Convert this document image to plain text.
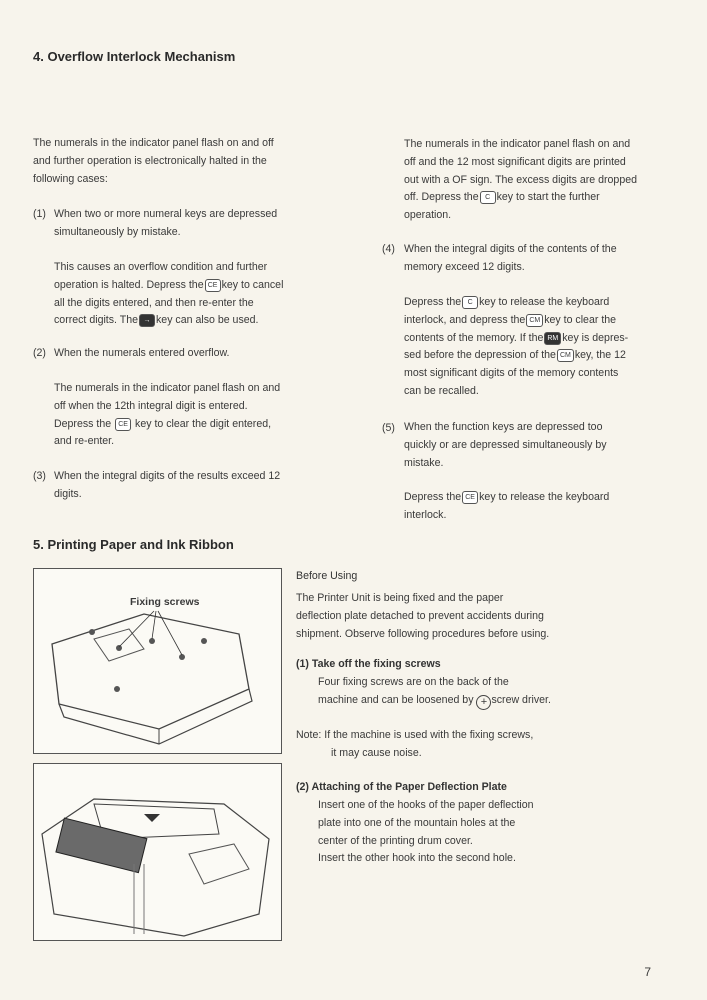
4. Overflow Interlock Mechanism
The numerals in the indicator panel flash on and off
and further operation is electronically halted in the
following cases:
(1) When two or more numeral keys are depressed
simultaneously by mistake.
This causes an overflow condition and further
operation is halted. Depress the CE key to cancel
all the digits entered, and then re-enter the
correct digits. The → key can also be used.
(2) When the numerals entered overflow.
The numerals in the indicator panel flash on and
off when the 12th integral digit is entered.
Depress the CE key to clear the digit entered,
and re-enter.
(3) When the integral digits of the results exceed 12
digits.
The numerals in the indicator panel flash on and
off and the 12 most significant digits are printed
out with a OF sign. The excess digits are dropped
off. Depress the C key to start the further
operation.
(4) When the integral digits of the contents of the
memory exceed 12 digits.
Depress the C key to release the keyboard
interlock, and depress the CM key to clear the
contents of the memory. If the RM key is depres-
sed before the depression of the CM key, the 12
most significant digits of the memory contents
can be recalled.
(5) When the function keys are depressed too
quickly or are depressed simultaneously by
mistake.
Depress the CE key to release the keyboard
interlock.
5. Printing Paper and Ink Ribbon
Fixing screws
Before Using
The Printer Unit is being fixed and the paper
deflection plate detached to prevent accidents during
shipment. Observe following procedures before using.
(1) Take off the fixing screws
Four fixing screws are on the back of the
machine and can be loosened by + screw driver.
Note: If the machine is used with the fixing screws,
it may cause noise.
(2) Attaching of the Paper Deflection Plate
Insert one of the hooks of the paper deflection
plate into one of the mountain holes at the
center of the printing drum cover.
Insert the other hook into the second hole.
7
